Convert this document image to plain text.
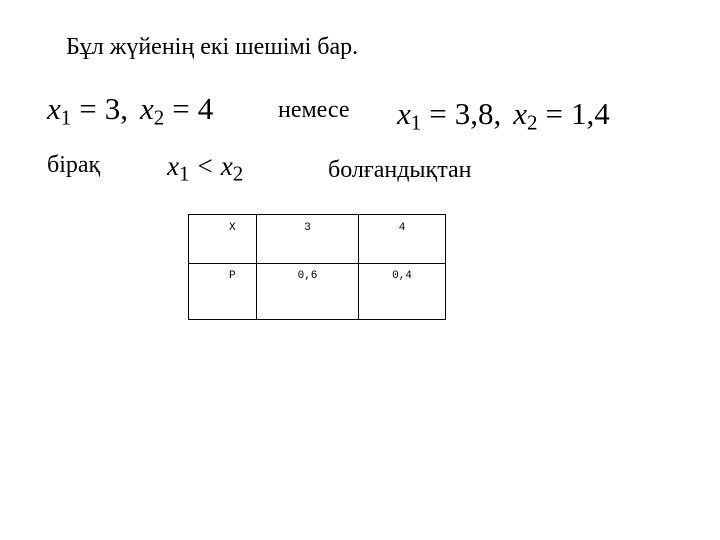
Бұл жүйенің екі шешімі бар.
$x_1 = 3$, $x_2 = 4$	немесе $x_1 = 3,8$, $x_2 = 1,4$
бірақ $x_1 < x_2$	болғандықтан
X	3	4
P	0,6	0,4
